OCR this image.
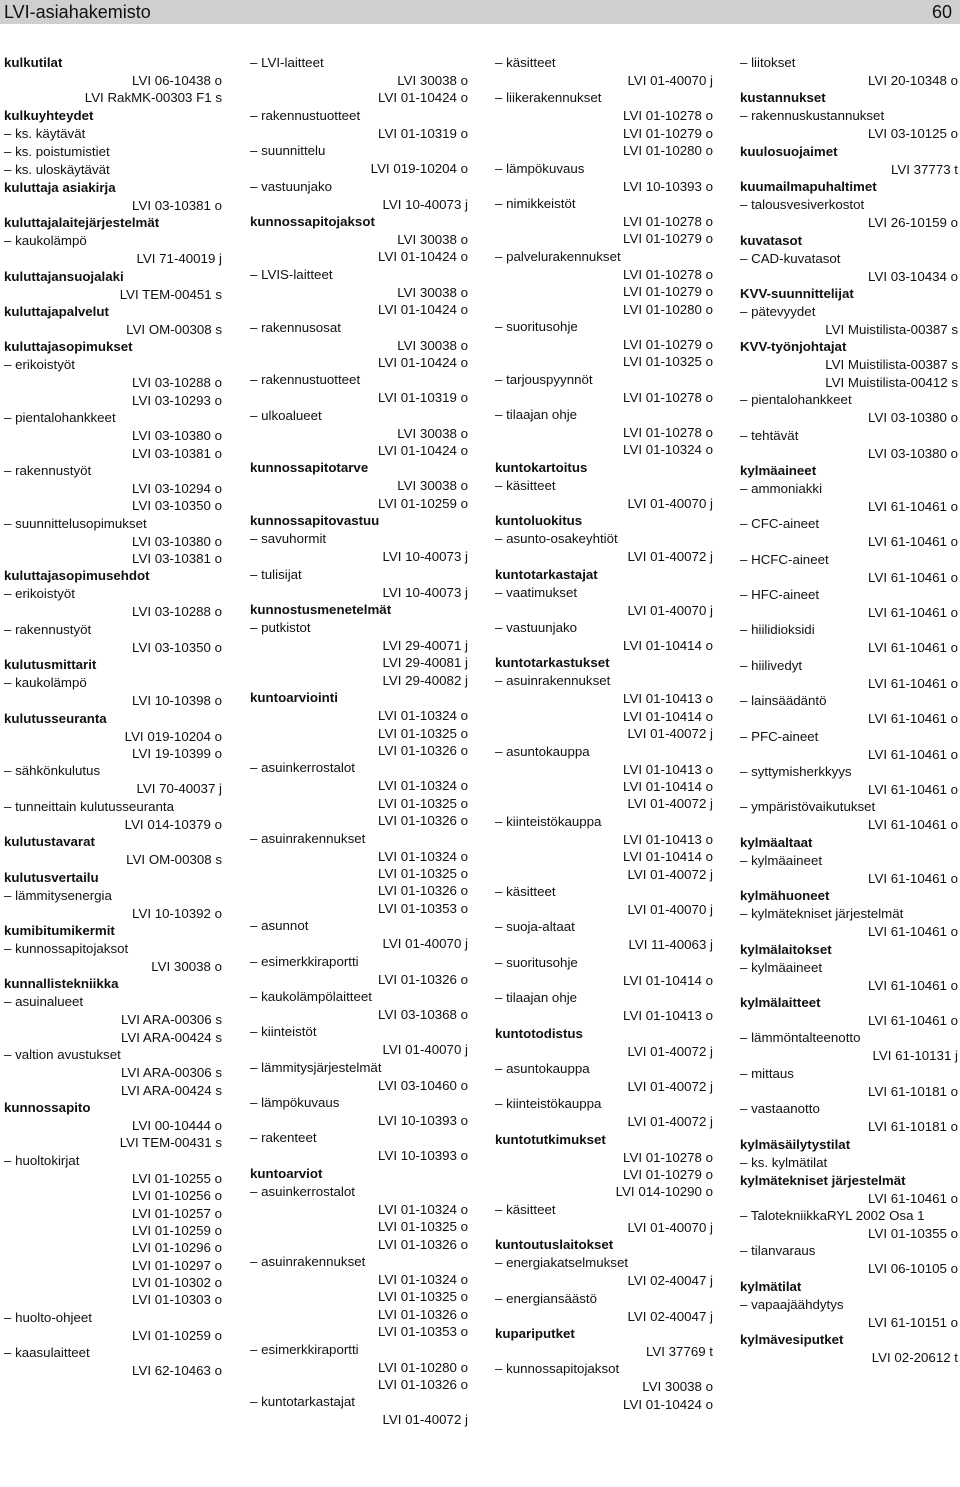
LVI-asiahakemisto	60
kulkutilat
LVI 06-10438 o
LVI RakMK-00303 F1 s
kulkuyhteydet
– ks. käytävät
– ks. poistumistiet
– ks. uloskäytävät
kuluttaja asiakirja
LVI 03-10381 o
kuluttajalaitejärjestelmät
– kaukolämpö
LVI 71-40019 j
kuluttajansuojalaki
LVI TEM-00451 s
kuluttajapalvelut
LVI OM-00308 s
kuluttajasopimukset
– erikoistyöt
LVI 03-10288 o
LVI 03-10293 o
– pientalohankkeet
LVI 03-10380 o
LVI 03-10381 o
– rakennustyöt
LVI 03-10294 o
LVI 03-10350 o
– suunnittelusopimukset
LVI 03-10380 o
LVI 03-10381 o
kuluttajasopimusehdot
– erikoistyöt
LVI 03-10288 o
– rakennustyöt
LVI 03-10350 o
kulutusmittarit
– kaukolämpö
LVI 10-10398 o
kulutusseuranta
LVI 019-10204 o
LVI 19-10399 o
– sähkönkulutus
LVI 70-40037 j
– tunneittain kulutusseuranta
LVI 014-10379 o
kulutustavarat
LVI OM-00308 s
kulutusvertailu
– lämmitysenergia
LVI 10-10392 o
kumibitumikermit
– kunnossapitojaksot
LVI 30038 o
kunnallistekniikka
– asuinalueet
LVI ARA-00306 s
LVI ARA-00424 s
– valtion avustukset
LVI ARA-00306 s
LVI ARA-00424 s
kunnossapito
LVI 00-10444 o
LVI TEM-00431 s
– huoltokirjat
LVI 01-10255 o
LVI 01-10256 o
LVI 01-10257 o
LVI 01-10259 o
LVI 01-10296 o
LVI 01-10297 o
LVI 01-10302 o
LVI 01-10303 o
– huolto-ohjeet
LVI 01-10259 o
– kaasulaitteet
LVI 62-10463 o
– LVI-laitteet
LVI 30038 o
LVI 01-10424 o
– rakennustuotteet
LVI 01-10319 o
– suunnittelu
LVI 019-10204 o
– vastuunjako
LVI 10-40073 j
kunnossapitojaksot
LVI 30038 o
LVI 01-10424 o
– LVIS-laitteet
LVI 30038 o
LVI 01-10424 o
– rakennusosat
LVI 30038 o
LVI 01-10424 o
– rakennustuotteet
LVI 01-10319 o
– ulkoalueet
LVI 30038 o
LVI 01-10424 o
kunnossapitotarve
LVI 30038 o
LVI 01-10259 o
kunnossapitovastuu
– savuhormit
LVI 10-40073 j
– tulisijat
LVI 10-40073 j
kunnostusmenetelmät
– putkistot
LVI 29-40071 j
LVI 29-40081 j
LVI 29-40082 j
kuntoarviointi
LVI 01-10324 o
LVI 01-10325 o
LVI 01-10326 o
– asuinkerrostalot
LVI 01-10324 o
LVI 01-10325 o
LVI 01-10326 o
– asuinrakennukset
LVI 01-10324 o
LVI 01-10325 o
LVI 01-10326 o
LVI 01-10353 o
– asunnot
LVI 01-40070 j
– esimerkkiraportti
LVI 01-10326 o
– kaukolämpölaitteet
LVI 03-10368 o
– kiinteistöt
LVI 01-40070 j
– lämmitysjärjestelmät
LVI 03-10460 o
– lämpökuvaus
LVI 10-10393 o
– rakenteet
LVI 10-10393 o
kuntoarviot
– asuinkerrostalot
LVI 01-10324 o
LVI 01-10325 o
LVI 01-10326 o
– asuinrakennukset
LVI 01-10324 o
LVI 01-10325 o
LVI 01-10326 o
LVI 01-10353 o
– esimerkkiraportti
LVI 01-10280 o
LVI 01-10326 o
– kuntotarkastajat
LVI 01-40072 j
– käsitteet
LVI 01-40070 j
– liikerakennukset
LVI 01-10278 o
LVI 01-10279 o
LVI 01-10280 o
– lämpökuvaus
LVI 10-10393 o
– nimikkeistöt
LVI 01-10278 o
LVI 01-10279 o
– palvelurakennukset
LVI 01-10278 o
LVI 01-10279 o
LVI 01-10280 o
– suoritusohje
LVI 01-10279 o
LVI 01-10325 o
– tarjouspyynnöt
LVI 01-10278 o
– tilaajan ohje
LVI 01-10278 o
LVI 01-10324 o
kuntokartoitus
– käsitteet
LVI 01-40070 j
kuntoluokitus
– asunto-osakeyhtiöt
LVI 01-40072 j
kuntotarkastajat
– vaatimukset
LVI 01-40070 j
– vastuunjako
LVI 01-10414 o
kuntotarkastukset
– asuinrakennukset
LVI 01-10413 o
LVI 01-10414 o
LVI 01-40072 j
– asuntokauppa
LVI 01-10413 o
LVI 01-10414 o
LVI 01-40072 j
– kiinteistökauppa
LVI 01-10413 o
LVI 01-10414 o
LVI 01-40072 j
– käsitteet
LVI 01-40070 j
– suoja-altaat
LVI 11-40063 j
– suoritusohje
LVI 01-10414 o
– tilaajan ohje
LVI 01-10413 o
kuntotodistus
LVI 01-40072 j
– asuntokauppa
LVI 01-40072 j
– kiinteistökauppa
LVI 01-40072 j
kuntotutkimukset
LVI 01-10278 o
LVI 01-10279 o
LVI 014-10290 o
– käsitteet
LVI 01-40070 j
kuntoutuslaitokset
– energiakatselmukset
LVI 02-40047 j
– energiansäästö
LVI 02-40047 j
kupariputket
LVI 37769 t
– kunnossapitojaksot
LVI 30038 o
LVI 01-10424 o
– liitokset
LVI 20-10348 o
kustannukset
– rakennuskustannukset
LVI 03-10125 o
kuulosuojaimet
LVI 37773 t
kuumailmapuhaltimet
– talousvesiverkostot
LVI 26-10159 o
kuvatasot
– CAD-kuvatasot
LVI 03-10434 o
KVV-suunnittelijat
– pätevyydet
LVI Muistilista-00387 s
KVV-työnjohtajat
LVI Muistilista-00387 s
LVI Muistilista-00412 s
– pientalohankkeet
LVI 03-10380 o
– tehtävät
LVI 03-10380 o
kylmäaineet
– ammoniakki
LVI 61-10461 o
– CFC-aineet
LVI 61-10461 o
– HCFC-aineet
LVI 61-10461 o
– HFC-aineet
LVI 61-10461 o
– hiilidioksidi
LVI 61-10461 o
– hiilivedyt
LVI 61-10461 o
– lainsäädäntö
LVI 61-10461 o
– PFC-aineet
LVI 61-10461 o
– syttymisherkkyys
LVI 61-10461 o
– ympäristövaikutukset
LVI 61-10461 o
kylmäaltaat
– kylmäaineet
LVI 61-10461 o
kylmähuoneet
– kylmätekniset järjestelmät
LVI 61-10461 o
kylmälaitokset
– kylmäaineet
LVI 61-10461 o
kylmälaitteet
LVI 61-10461 o
– lämmöntalteenotto
LVI 61-10131 j
– mittaus
LVI 61-10181 o
– vastaanotto
LVI 61-10181 o
kylmäsäilytystilat
– ks. kylmätilat
kylmätekniset järjestelmät
LVI 61-10461 o
– TalotekniikkaRYL 2002 Osa 1
LVI 01-10355 o
– tilanvaraus
LVI 06-10105 o
kylmätilat
– vapaajäähdytys
LVI 61-10151 o
kylmävesiputket
LVI 02-20612 t
